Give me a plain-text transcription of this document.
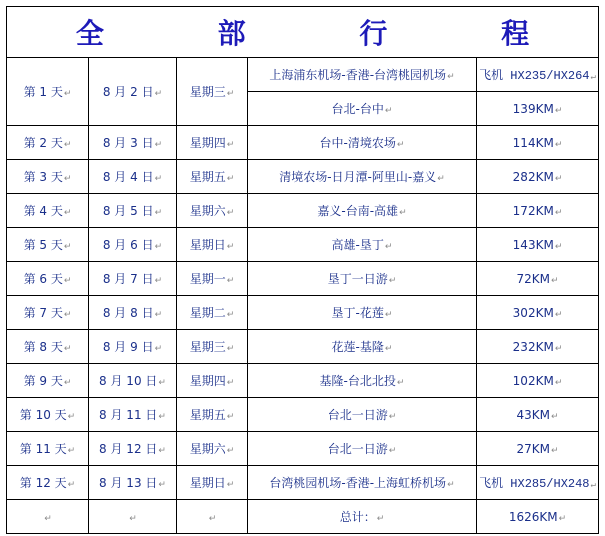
全 部 行 程				
第 1 天↵	8 月 2 日↵	星期三↵	上海浦东机场-香港-台湾桃园机场↵	飞机 HX235/HX264↵
			台北-台中↵	139KM↵
第 2 天↵	8 月 3 日↵	星期四↵	台中-清境农场↵	114KM↵
第 3 天↵	8 月 4 日↵	星期五↵	清境农场-日月潭-阿里山-嘉义↵	282KM↵
第 4 天↵	8 月 5 日↵	星期六↵	嘉义-台南-高雄↵	172KM↵
第 5 天↵	8 月 6 日↵	星期日↵	高雄-垦丁↵	143KM↵
第 6 天↵	8 月 7 日↵	星期一↵	垦丁一日游↵	72KM↵
第 7 天↵	8 月 8 日↵	星期二↵	垦丁-花莲↵	302KM↵
第 8 天↵	8 月 9 日↵	星期三↵	花莲-基隆↵	232KM↵
第 9 天↵	8 月 10 日↵	星期四↵	基隆-台北北投↵	102KM↵
第 10 天↵	8 月 11 日↵	星期五↵	台北一日游↵	43KM↵
第 11 天↵	8 月 12 日↵	星期六↵	台北一日游↵	27KM↵
第 12 天↵	8 月 13 日↵	星期日↵	台湾桃园机场-香港-上海虹桥机场↵	飞机 HX285/HX248↵
↵	↵	↵	总计：↵	1626KM↵
